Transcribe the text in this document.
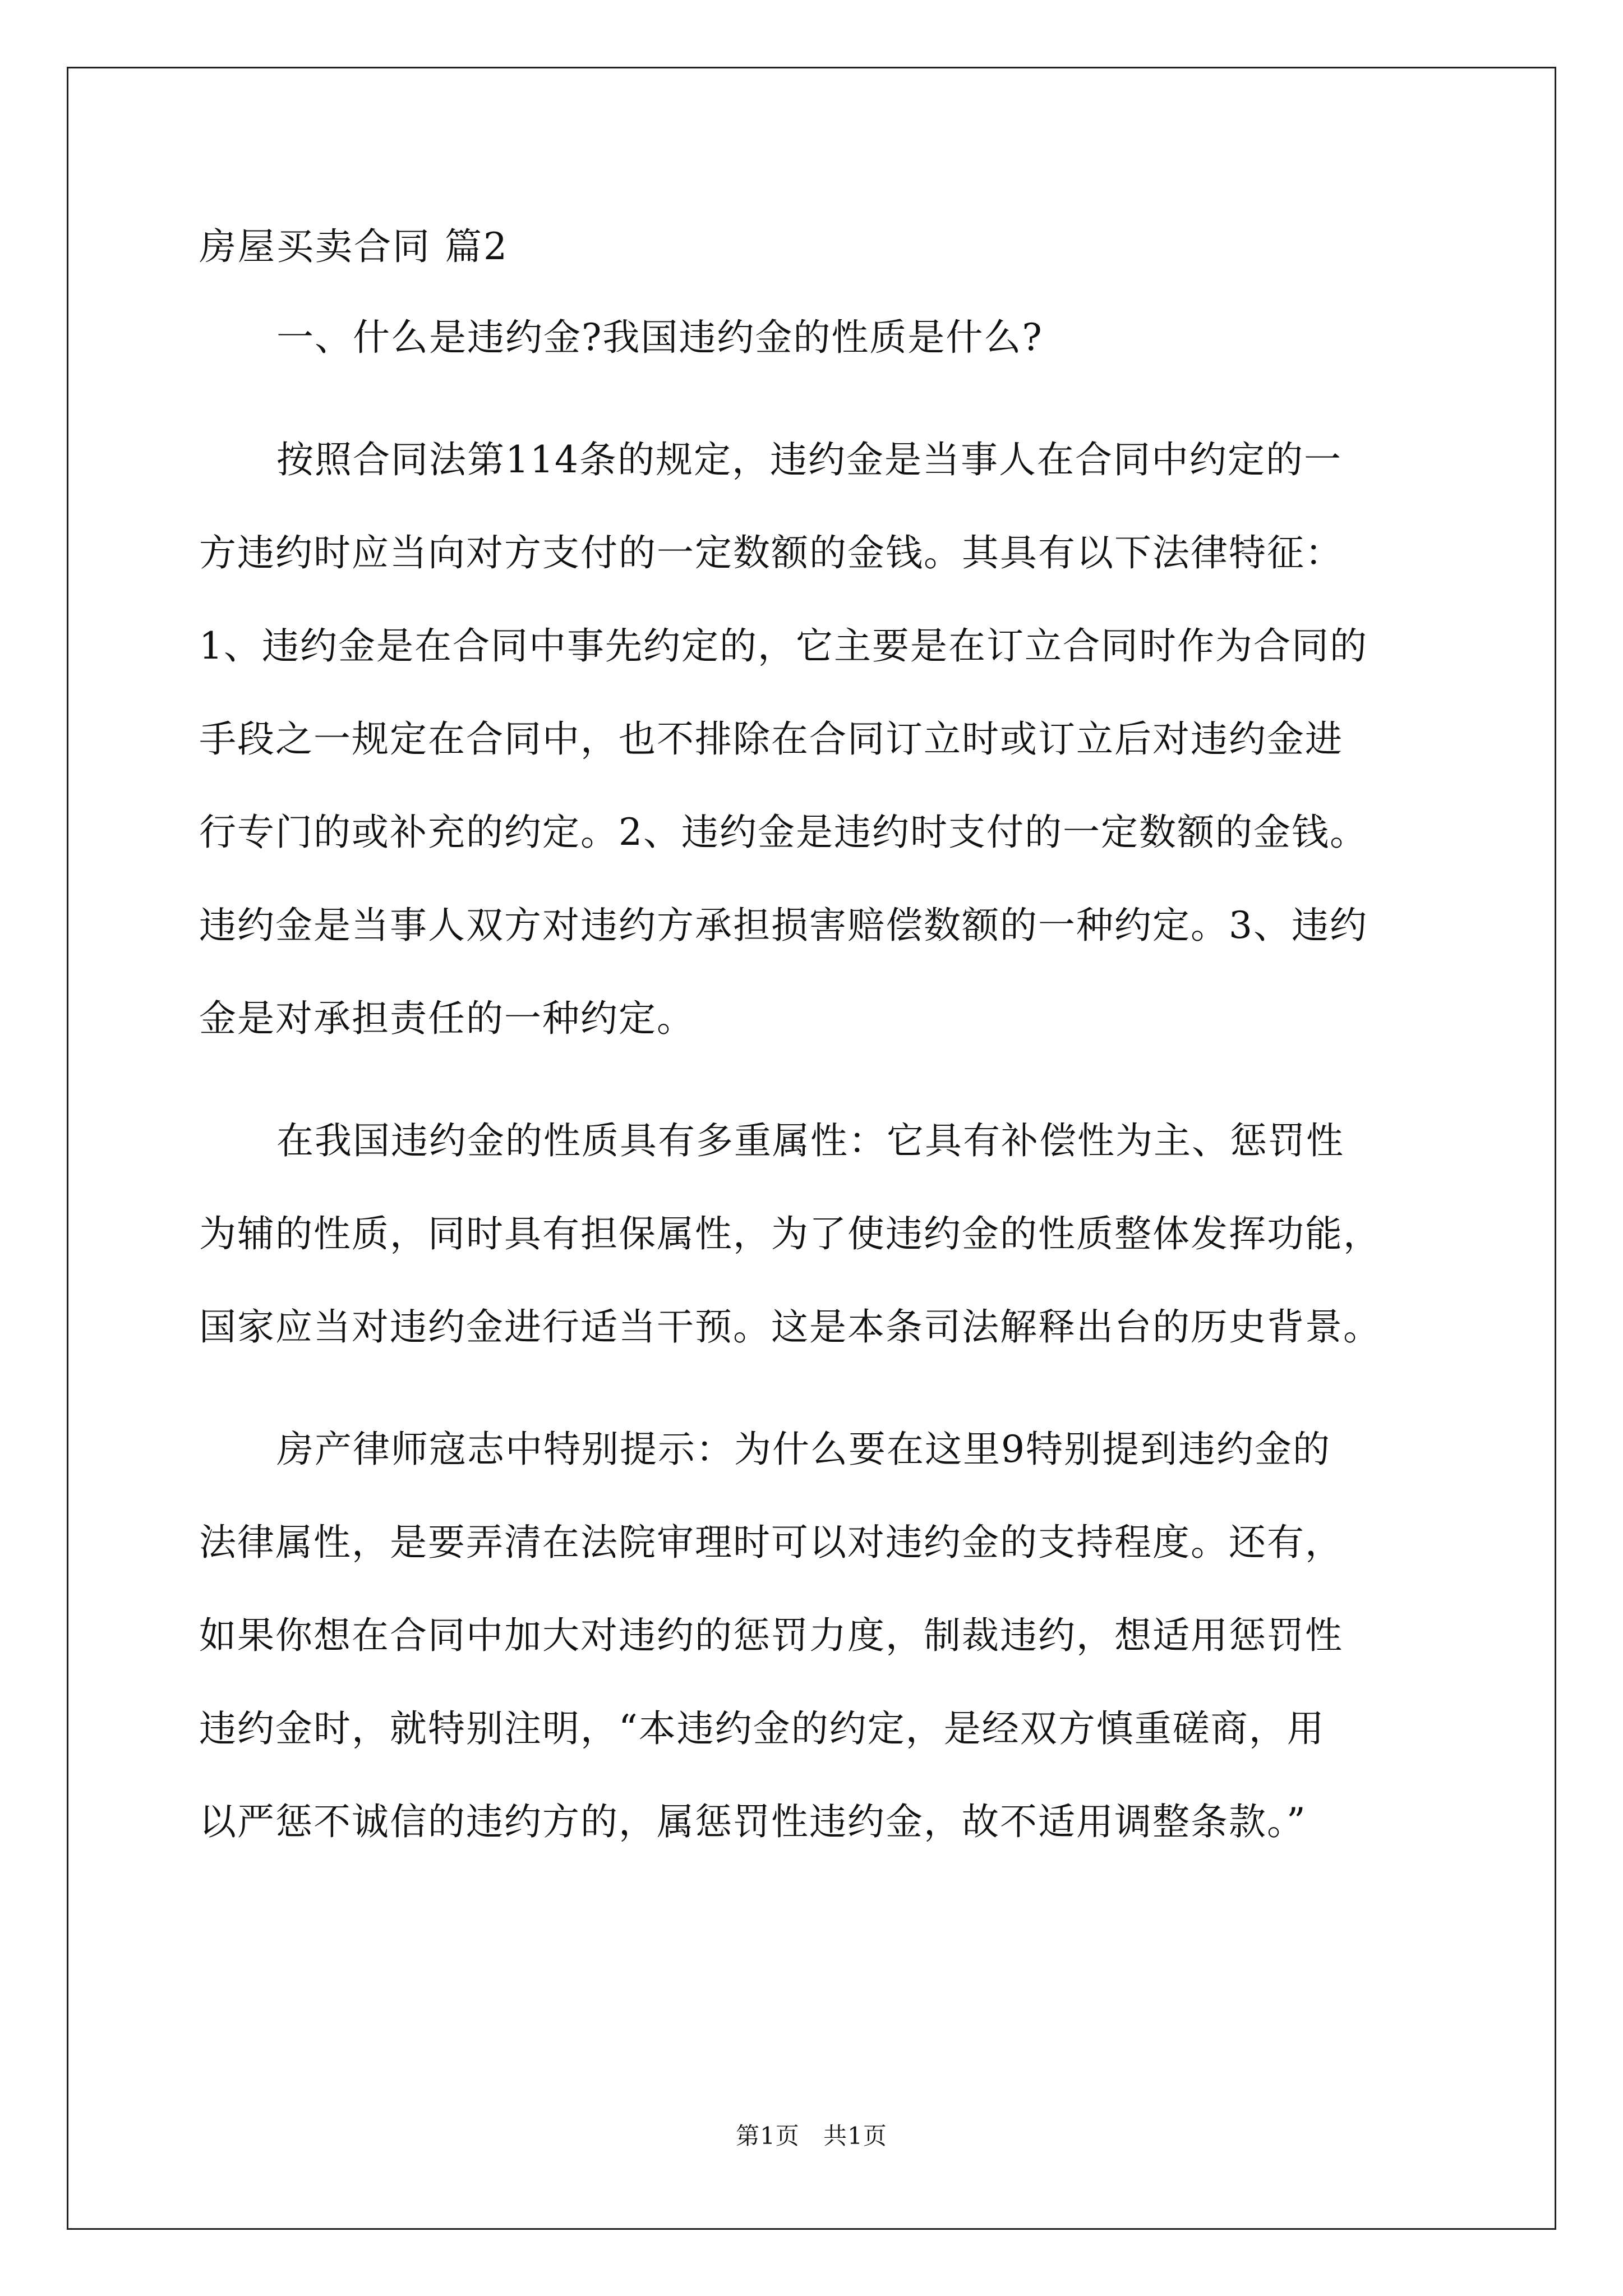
房屋买卖合同 篇2
一、什么是违约金?我国违约金的性质是什么?
按照合同法第114条的规定，违约金是当事人在合同中约定的一
方违约时应当向对方支付的一定数额的金钱。其具有以下法律特征：
1、违约金是在合同中事先约定的，它主要是在订立合同时作为合同的
手段之一规定在合同中，也不排除在合同订立时或订立后对违约金进
行专门的或补充的约定。2、违约金是违约时支付的一定数额的金钱。
违约金是当事人双方对违约方承担损害赔偿数额的一种约定。3、违约
金是对承担责任的一种约定。
在我国违约金的性质具有多重属性：它具有补偿性为主、惩罚性
为辅的性质，同时具有担保属性，为了使违约金的性质整体发挥功能，
国家应当对违约金进行适当干预。这是本条司法解释出台的历史背景。
房产律师寇志中特别提示：为什么要在这里9特别提到违约金的
法律属性，是要弄清在法院审理时可以对违约金的支持程度。还有，
如果你想在合同中加大对违约的惩罚力度，制裁违约，想适用惩罚性
违约金时，就特别注明，“本违约金的约定，是经双方慎重磋商，用
以严惩不诚信的违约方的，属惩罚性违约金，故不适用调整条款。”
第1页 共1页
